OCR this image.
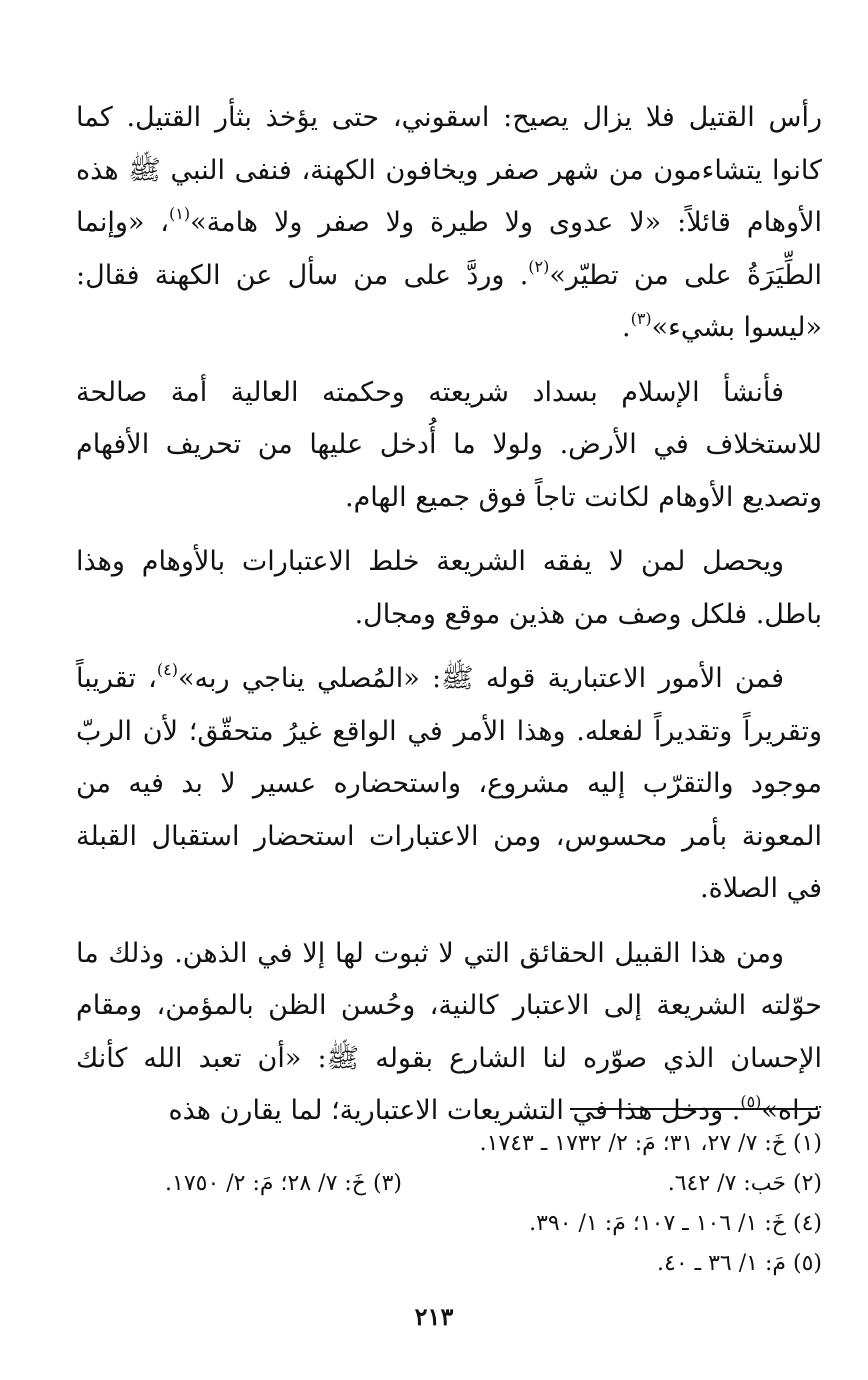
رأس القتيل فلا يزال يصيح: اسقوني، حتى يؤخذ بثأر القتيل. كما كانوا يتشاءمون من شهر صفر ويخافون الكهنة، فنفى النبي ﷺ هذه الأوهام قائلاً: «لا عدوى ولا طيرة ولا صفر ولا هامة»$^{(١)}$، «وإنما الطِّيَرَةُ على من تطيّر»$^{(٢)}$. وردَّ على من سأل عن الكهنة فقال: «ليسوا بشيء»$^{(٣)}$.

فأنشأ الإسلام بسداد شريعته وحكمته العالية أمة صالحة للاستخلاف في الأرض. ولولا ما أُدخل عليها من تحريف الأفهام وتصديع الأوهام لكانت تاجاً فوق جميع الهام.

ويحصل لمن لا يفقه الشريعة خلط الاعتبارات بالأوهام وهذا باطل. فلكل وصف من هذين موقع ومجال.

فمن الأمور الاعتبارية قوله ﷺ: «المُصلي يناجي ربه»$^{(٤)}$، تقريباً وتقريراً وتقديراً لفعله. وهذا الأمر في الواقع غيرُ متحقّق؛ لأن الربّ موجود والتقرّب إليه مشروع، واستحضاره عسير لا بد فيه من المعونة بأمر محسوس، ومن الاعتبارات استحضار استقبال القبلة في الصلاة.

ومن هذا القبيل الحقائق التي لا ثبوت لها إلا في الذهن. وذلك ما حوّلته الشريعة إلى الاعتبار كالنية، وحُسن الظن بالمؤمن، ومقام الإحسان الذي صوّره لنا الشارع بقوله ﷺ: «أن تعبد الله كأنك تراه»$^{(٥)}$. ودخل هذا في التشريعات الاعتبارية؛ لما يقارن هذه

(١) خَ: ٧/ ٢٧، ٣١؛ مَ: ٢/ ١٧٣٢ ـ ١٧٤٣.
(٢) حَب: ٧/ ٦٤٢.
(٣) خَ: ٧/ ٢٨؛ مَ: ٢/ ١٧٥٠.
(٤) خَ: ١/ ١٠٦ ـ ١٠٧؛ مَ: ١/ ٣٩٠.
(٥) مَ: ١/ ٣٦ ـ ٤٠.
٢١٣
